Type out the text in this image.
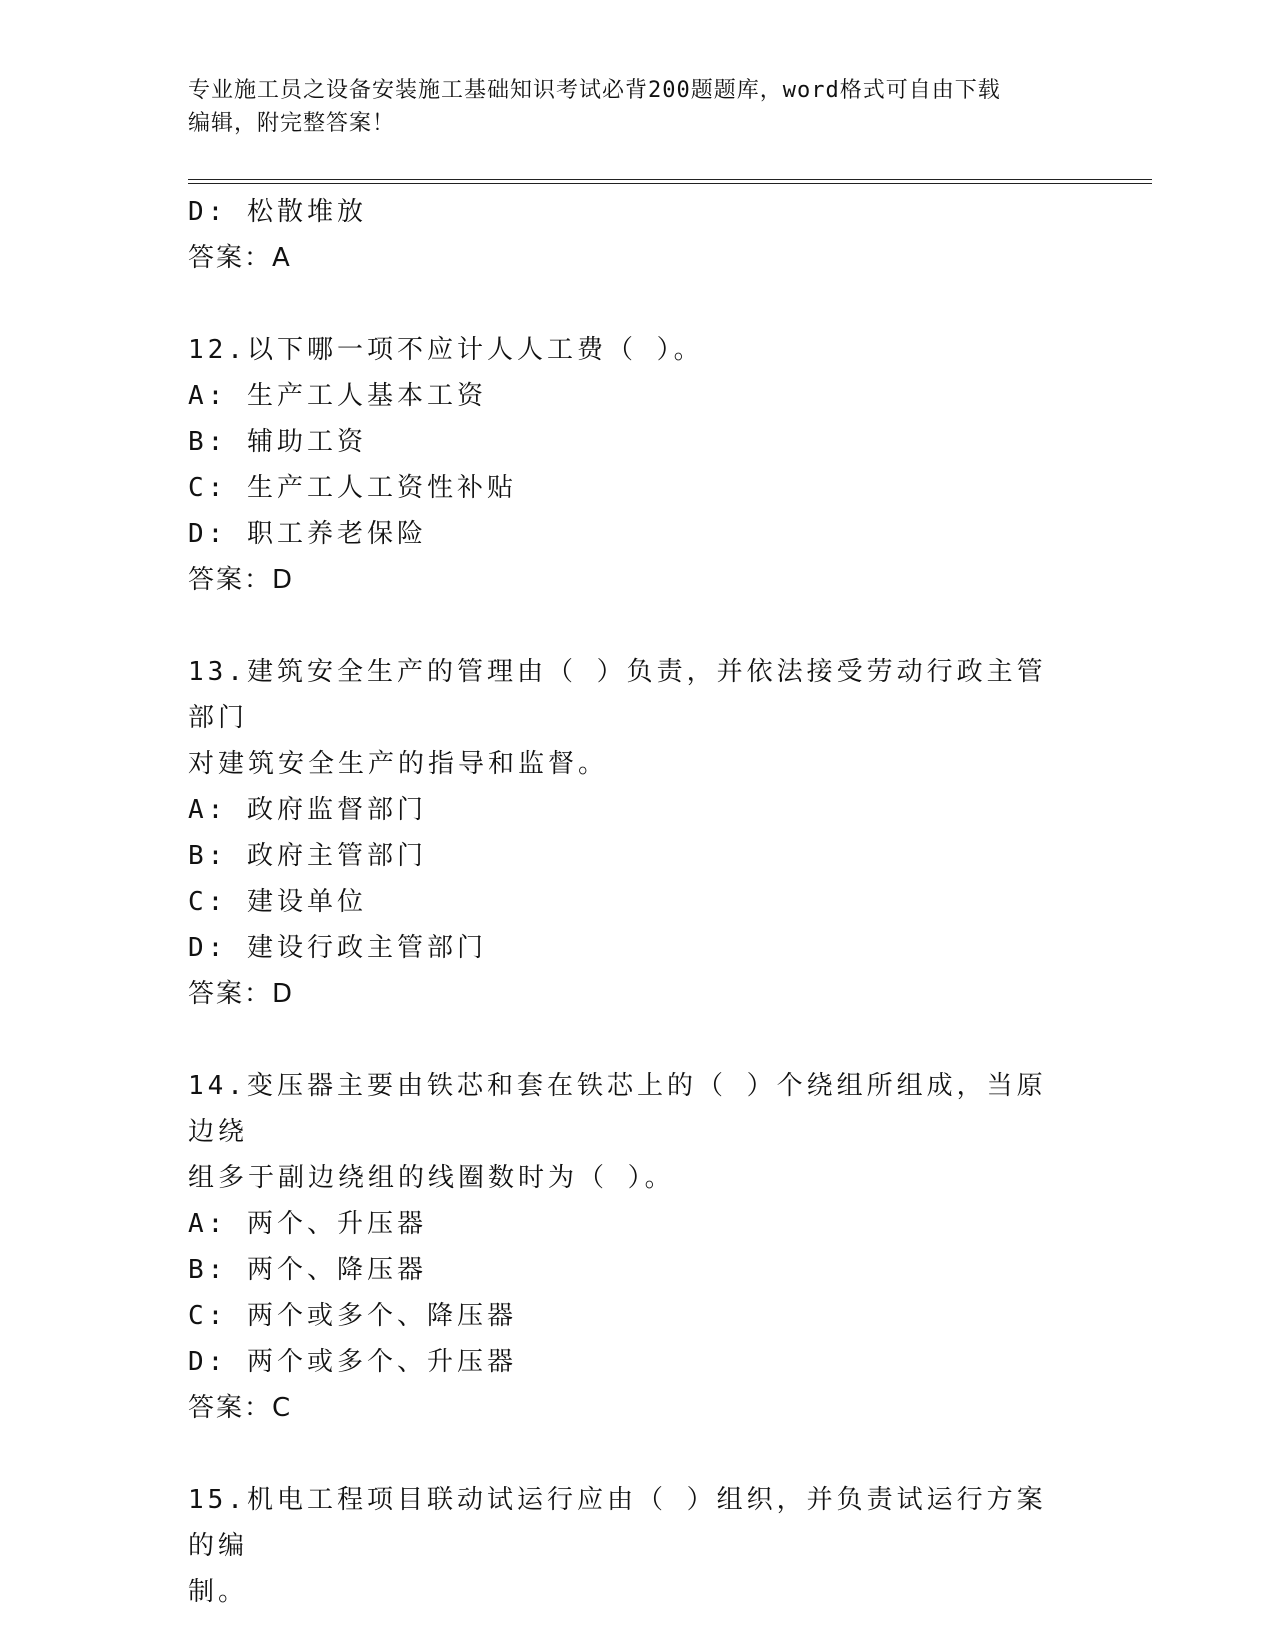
专业施工员之设备安装施工基础知识考试必背200题题库，word格式可自由下载
编辑，附完整答案！
D: 松散堆放
答案：A
12.以下哪一项不应计人人工费（ ）。
A: 生产工人基本工资
B: 辅助工资
C: 生产工人工资性补贴
D: 职工养老保险
答案：D
13.建筑安全生产的管理由（ ）负责，并依法接受劳动行政主管部门
对建筑安全生产的指导和监督。
A: 政府监督部门
B: 政府主管部门
C: 建设单位
D: 建设行政主管部门
答案：D
14.变压器主要由铁芯和套在铁芯上的（ ）个绕组所组成，当原边绕
组多于副边绕组的线圈数时为（ ）。
A: 两个、升压器
B: 两个、降压器
C: 两个或多个、降压器
D: 两个或多个、升压器
答案：C
15.机电工程项目联动试运行应由（ ）组织，并负责试运行方案的编
制。
